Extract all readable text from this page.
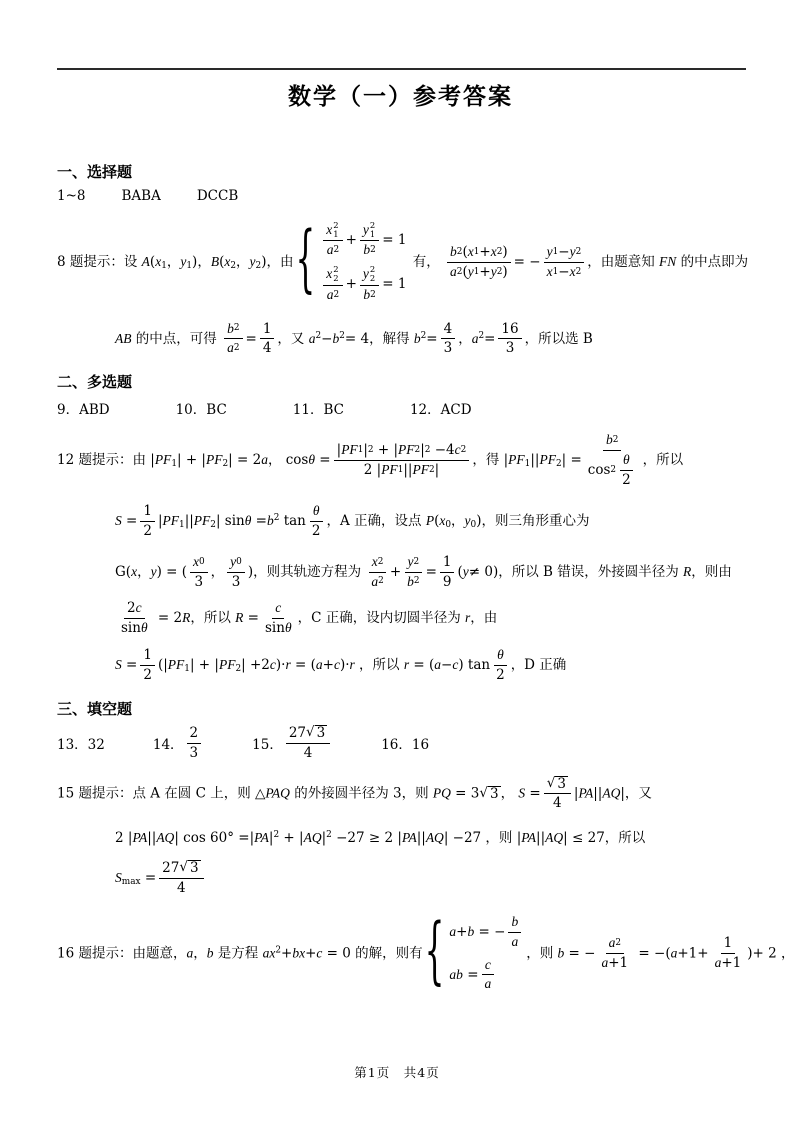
数学（一）参考答案
一、选择题
1~8	BABA	DCCB
8 题提示：设 $A(x_1$，$y_1$)，$B(x_2$，$y_2$)，由 { x 2
1
a 2 + y 2
1
b 2 = 1
x 2
2
a 2 + y 2
2
b 2 = 1
有， $\frac{b 2 ( x 1 + x 2 )}{a 2 ( y 1 + y 2 )}$ = − $\frac{y 1 - y 2}{x 1 - x 2}$ ，由题意知 FN 的中点即为
AB 的中点，可得 $\frac{b 2}{a 2} = \frac{1}{4}$ ，又 $a^2-b^2= 4$，解得 $b^2= \frac{4}{3}$ ，$a^2= \frac{16}{3}$ ，所以选 B
二、多选题
9．ABD	10．BC	11．BC	12．ACD
12 题提示：由 $|PF_1| + |PF_2| = 2a$， $\cos\theta = \frac{| PF 1 | 2 + | PF 2 | 2 -4 c 2}{2 | PF 1 || PF 2 |}$ ，得 $|PF_1||PF_2| = \frac{b 2}{\cos 2 \frac{\theta}{2}}$ ，所以
$S = \frac{1}{2} |PF_1||PF_2|$ $\sin\theta =b^2$ $\tan \frac{\theta}{2}$ ，A 正确，设点 $P(x_0$，$y_0$)，则三角形重心为
G(x，y) = ( $\frac{x 0}{3}$ ， $\frac{y 0}{3}$ )，则其轨迹方程为 $\frac{x 2}{a 2} + \frac{y 2}{b 2} = \frac{1}{9} (y\ne 0)$，所以 B 错误，外接圆半径为 R，则由
$\frac{2 c}{\text{sin θ}} = 2R$，所以 $R = \frac{c}{\text{sin θ}}$ ，C 正确，设内切圆半径为 r，由
$S = \frac{1}{2} (|PF_1| + |PF_2| +2c)\cdot r = (a+c)\cdot r$ ，所以 r = (a−c) $\tan \frac{\theta}{2}$ ，D 正确
三、填空题
13．32	14． $\frac{2}{3}$	15． $\frac{27 √ 3}{4}$	16．16
15 题提示：点 A 在圆 C 上，则 △PAQ 的外接圆半径为 3，则 PQ = 3 √ 3 ， $S = \frac{√ 3}{4} |PA||AQ|$，又
2 |PA||AQ| $\cos 60^\circ =|PA|^2 + |AQ|^2 -27 \ge 2$ |PA||AQ| −27 ，则 |PA||AQ| ≤ 27，所以
$S_{max} = \frac{27 √ 3}{4}$
16 题提示：由题意，a，b 是方程 $ax^2+bx+c = 0$ 的解，则有 { a + b = − $\frac{b}{a}$
ab = $\frac{c}{a}$
，则 b = − $\frac{a 2}{a +1} = -(a+1+ \frac{1}{a +1}$ )+ 2 ，
第1页　共4页
